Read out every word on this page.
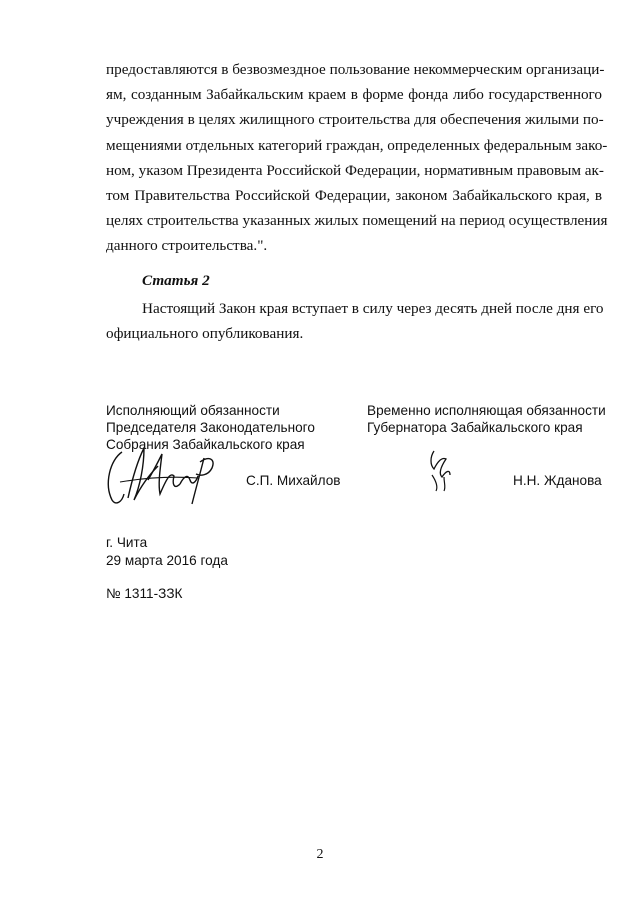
предоставляются в безвозмездное пользование некоммерческим организаци-
ям, созданным Забайкальским краем в форме фонда либо государственного
учреждения в целях жилищного строительства для обеспечения жилыми по-
мещениями отдельных категорий граждан, определенных федеральным зако-
ном, указом Президента Российской Федерации, нормативным правовым ак-
том Правительства Российской Федерации, законом Забайкальского края, в
целях строительства указанных жилых помещений на период осуществления
данного строительства.".
Статья 2
Настоящий Закон края вступает в силу через десять дней после дня его
официального опубликования.
Исполняющий обязанности
Председателя Законодательного
Собрания Забайкальского края
Временно исполняющая обязанности
Губернатора Забайкальского края
С.П. Михайлов	Н.Н. Жданова
г. Чита
29 марта 2016 года
№ 1311-ЗЗК
2
